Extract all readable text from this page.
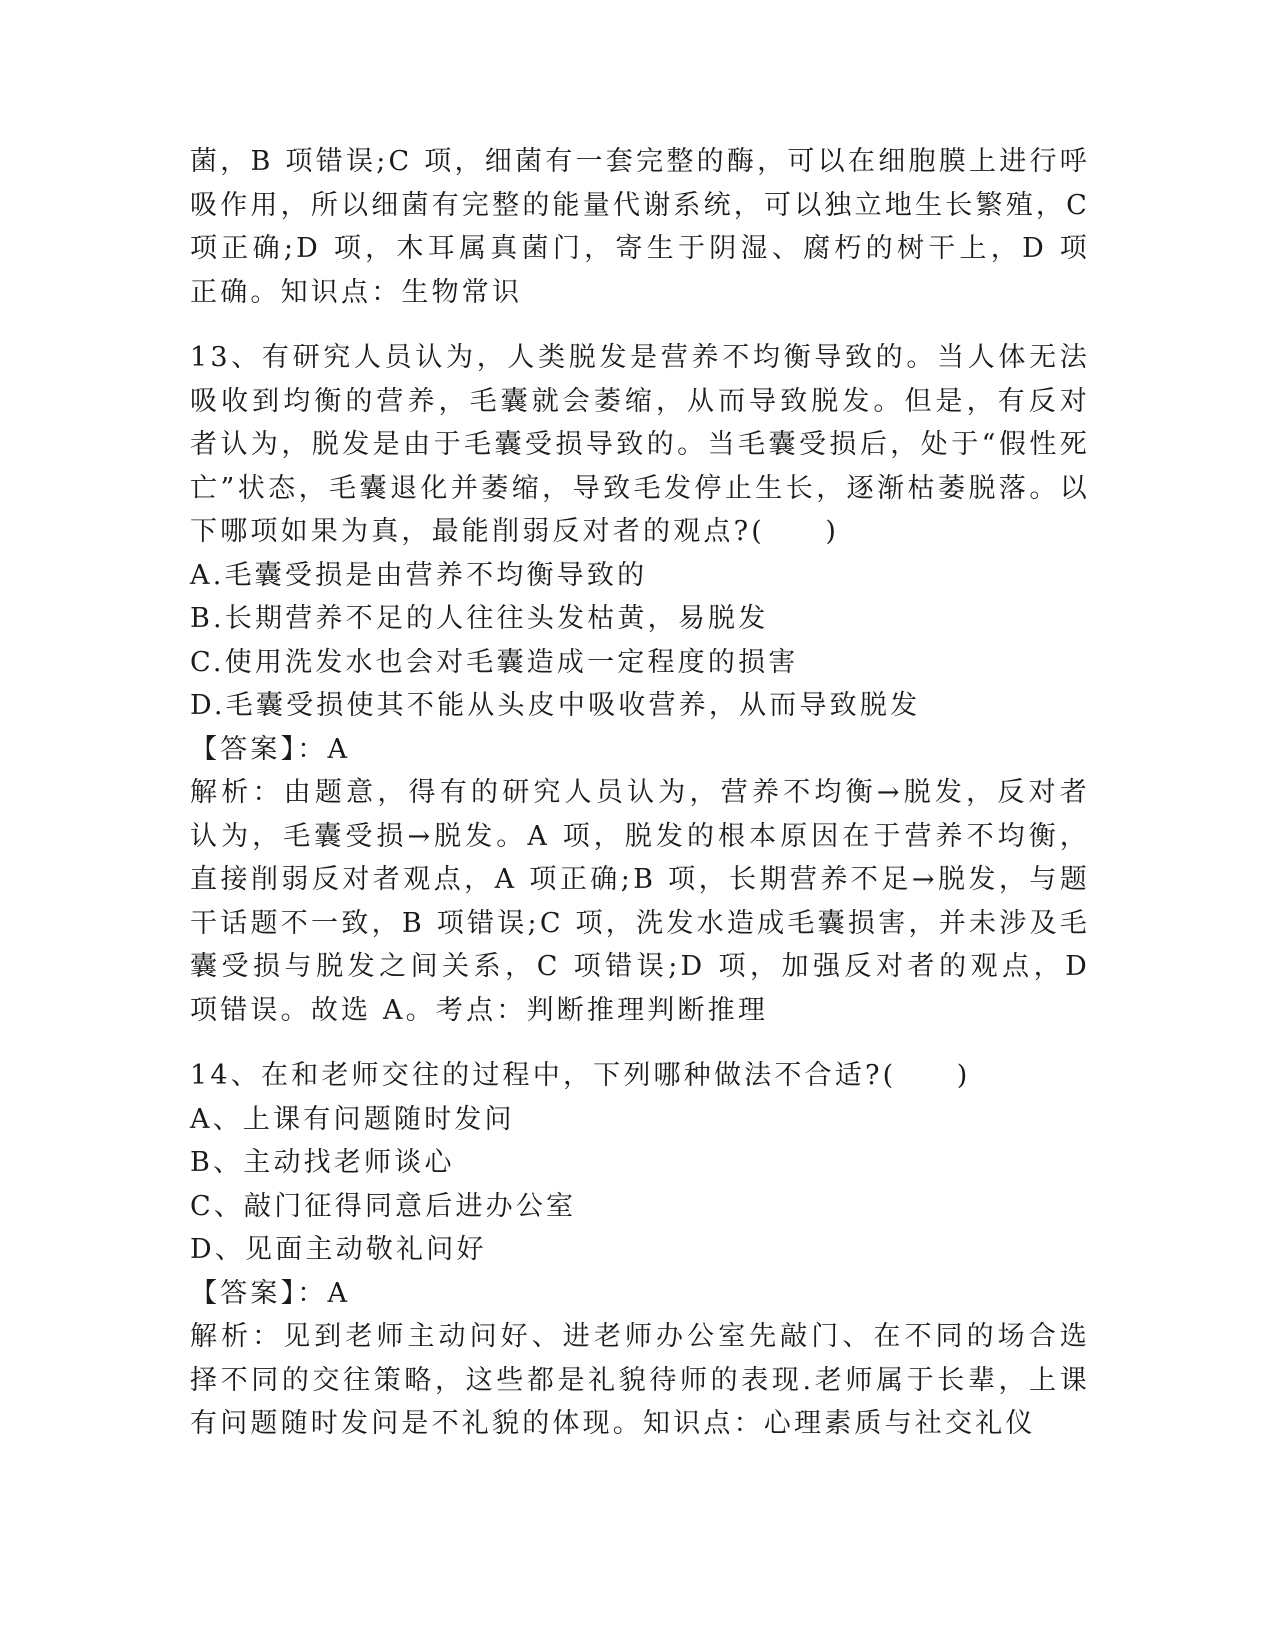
菌，B 项错误;C 项，细菌有一套完整的酶，可以在细胞膜上进行呼吸作用，所以细菌有完整的能量代谢系统，可以独立地生长繁殖，C 项正确;D 项，木耳属真菌门，寄生于阴湿、腐朽的树干上，D 项正确。知识点：生物常识

13、有研究人员认为，人类脱发是营养不均衡导致的。当人体无法吸收到均衡的营养，毛囊就会萎缩，从而导致脱发。但是，有反对者认为，脱发是由于毛囊受损导致的。当毛囊受损后，处于“假性死亡”状态，毛囊退化并萎缩，导致毛发停止生长，逐渐枯萎脱落。以下哪项如果为真，最能削弱反对者的观点?(　　)

A.毛囊受损是由营养不均衡导致的

B.长期营养不足的人往往头发枯黄，易脱发

C.使用洗发水也会对毛囊造成一定程度的损害

D.毛囊受损使其不能从头皮中吸收营养，从而导致脱发

【答案】：A

解析：由题意，得有的研究人员认为，营养不均衡→脱发，反对者认为，毛囊受损→脱发。A 项，脱发的根本原因在于营养不均衡，直接削弱反对者观点，A 项正确;B 项，长期营养不足→脱发，与题干话题不一致，B 项错误;C 项，洗发水造成毛囊损害，并未涉及毛囊受损与脱发之间关系，C 项错误;D 项，加强反对者的观点，D 项错误。故选 A。考点：判断推理判断推理

14、在和老师交往的过程中，下列哪种做法不合适?(　　)

A、上课有问题随时发问

B、主动找老师谈心

C、敲门征得同意后进办公室

D、见面主动敬礼问好

【答案】：A

解析：见到老师主动问好、进老师办公室先敲门、在不同的场合选择不同的交往策略，这些都是礼貌待师的表现.老师属于长辈，上课有问题随时发问是不礼貌的体现。知识点：心理素质与社交礼仪
